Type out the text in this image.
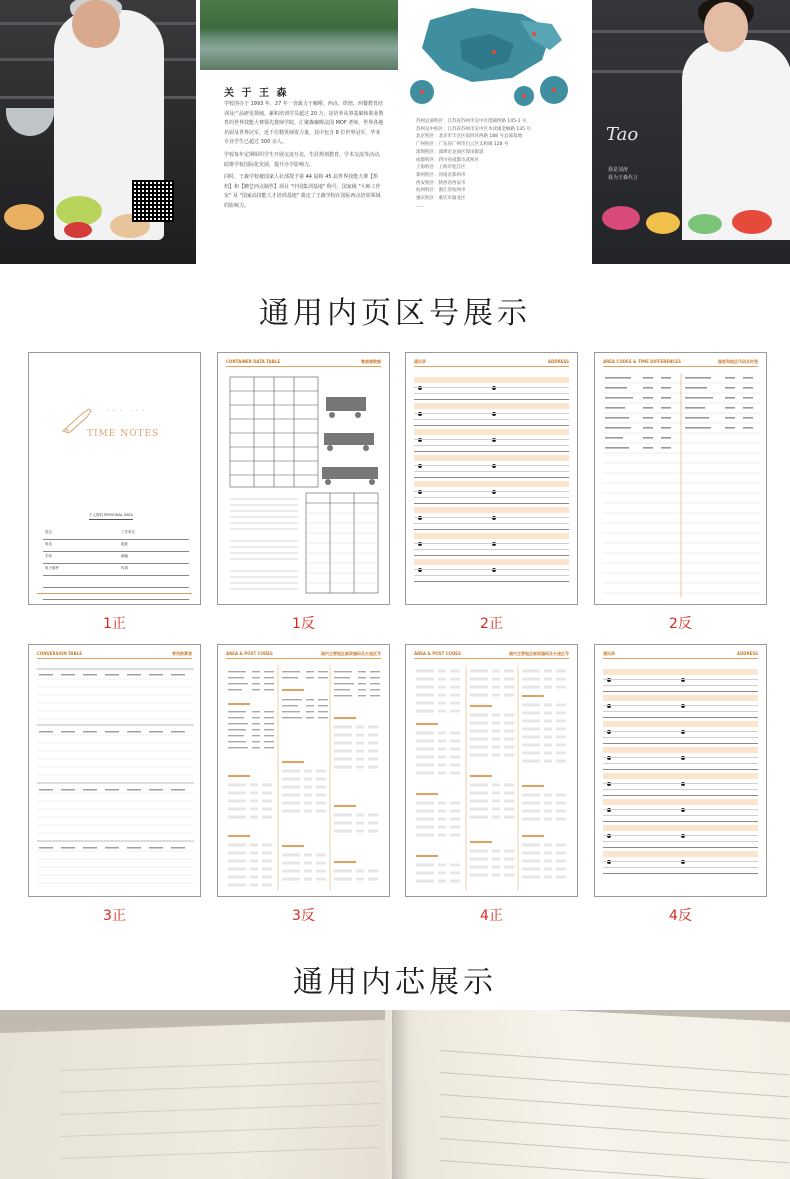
关 于 王 森

学校创办于 1993 年，27 年一直致力于咖啡、西点、烘焙、西餐教育培训及产品研发领域。累积培训学员超过 20 万，是培养从事基础和职业教育的世界技能大赛领先教师学院。汇聚森咖啡法国 MOF 老师，世界各地名厨及世界冠军，近千位精英师资力量，其中包含 8 位世界冠军，毕业专业学生已超过 300 余人。

学校每年定期组织学生开展交流互访，生涯规划教育，学术交流等活动，助推学校国际化发展，提升办学影响力。

同时，王森学校被国家人社部授予第 44 届和 45 届世界技能大赛【烘焙】和【糖艺西点制作】项目 "中国集训基地" 称号，国家级 "大师工作室" 及 "国家高技能人才培训基地" 奠定了王森学校在国际西点培训领域的影响力。

苏州总部校区：江苏省苏州市吴中区澄湖西路 145-1 号
苏州吴中校区：江苏省苏州市吴中区木渎镇金枫路 135 号
北京校区：北京市丰台区南四环西路 188 号总部基地
广州校区：广东省广州市白云区太和镇 128 号
深圳校区：深圳市龙岗区坂田街道
成都校区：四川省成都市武侯区
上海校区：上海市松江区
郑州校区：河南省郑州市
西安校区：陕西省西安市
杭州校区：浙江省杭州市
重庆校区：重庆市渝北区
......
Tao
我是刘涛
我为王森代言
通用内页区号展示
·◦· ·◦·
TIME NOTES
个人资料 PERSONAL DATA
姓名	工作单位
电话	地址
手机	邮编
电子邮件	传真
1正
CONTAINER DATA TABLE	集装箱数据
1反
通讯录	ADDRESS
2正
AREA CODES & TIME DIFFERENCES	国家和地区代码及时差
2反
CONVERSION TABLE	常用换算表
3正
AREA & POST CODES	国内主要地区邮政编码及长途区号
3反
AREA & POST CODES	国内主要地区邮政编码及长途区号
4正
通讯录	ADDRESS
4反
通用内芯展示
